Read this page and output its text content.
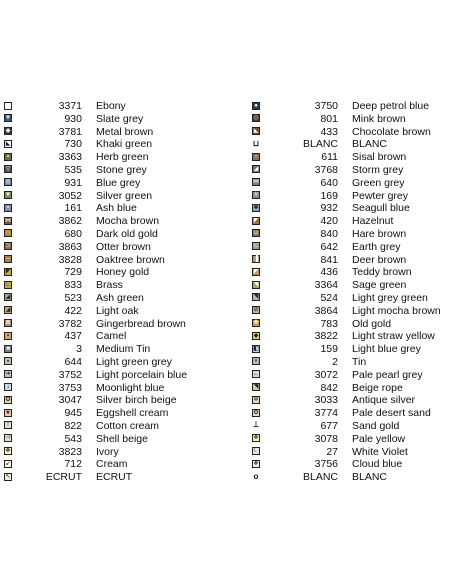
3371 Ebony
▼	930 Slate grey
◆	3781 Metal brown
◣	730 Khaki green
▪	3363 Herb green
▽	535 Stone grey
◎	931 Blue grey
▼	3052 Silver green
▪	161 Ash blue
⋈	3862 Mocha brown
∩	680 Dark old gold
⊃	3863 Otter brown
–	3828 Oaktree brown
◤	729 Honey gold
∟	833 Brass
◢	523 Ash green
◢	422 Light oak
⊠	3782 Gingerbread brown
▪	437 Camel
■	3 Medium Tin
◒	644 Light green grey
➔	3752 Light porcelain blue
↓	3753 Moonlight blue
✪	3047 Silver birch beige
★	945 Eggshell cream
⊤	822 Cotton cream
⊣	543 Shell beige
❖	3823 Ivory
↙	712 Cream
↖	ECRUT ECRUT
●	3750 Deep petrol blue
◇	801 Mink brown
◣	433 Chocolate brown
⊔	BLANC BLANC
○	611 Sisal brown
◢	3768 Storm grey
⋈	640 Green grey
#	169 Pewter grey
✱	932 Seagull blue
◤	420 Hazelnut
∪	840 Hare brown
⊂	642 Earth grey
▐	841 Deer brown
◤	436 Teddy brown
◥	3364 Sage green
◥	524 Light grey green
⊘	3864 Light mocha brown
✚	783 Old gold
◆	3822 Light straw yellow
◧	159 Light blue grey
◗	2 Tin
←	3072 Pale pearl grey
◥	842 Beige rope
✲	3033 Antique silver
✿	3774 Pale desert sand
⊥	677 Sand gold
❖	3078 Pale yellow
☾	27 White Violet
❖	3756 Cloud blue
o	BLANC BLANC
